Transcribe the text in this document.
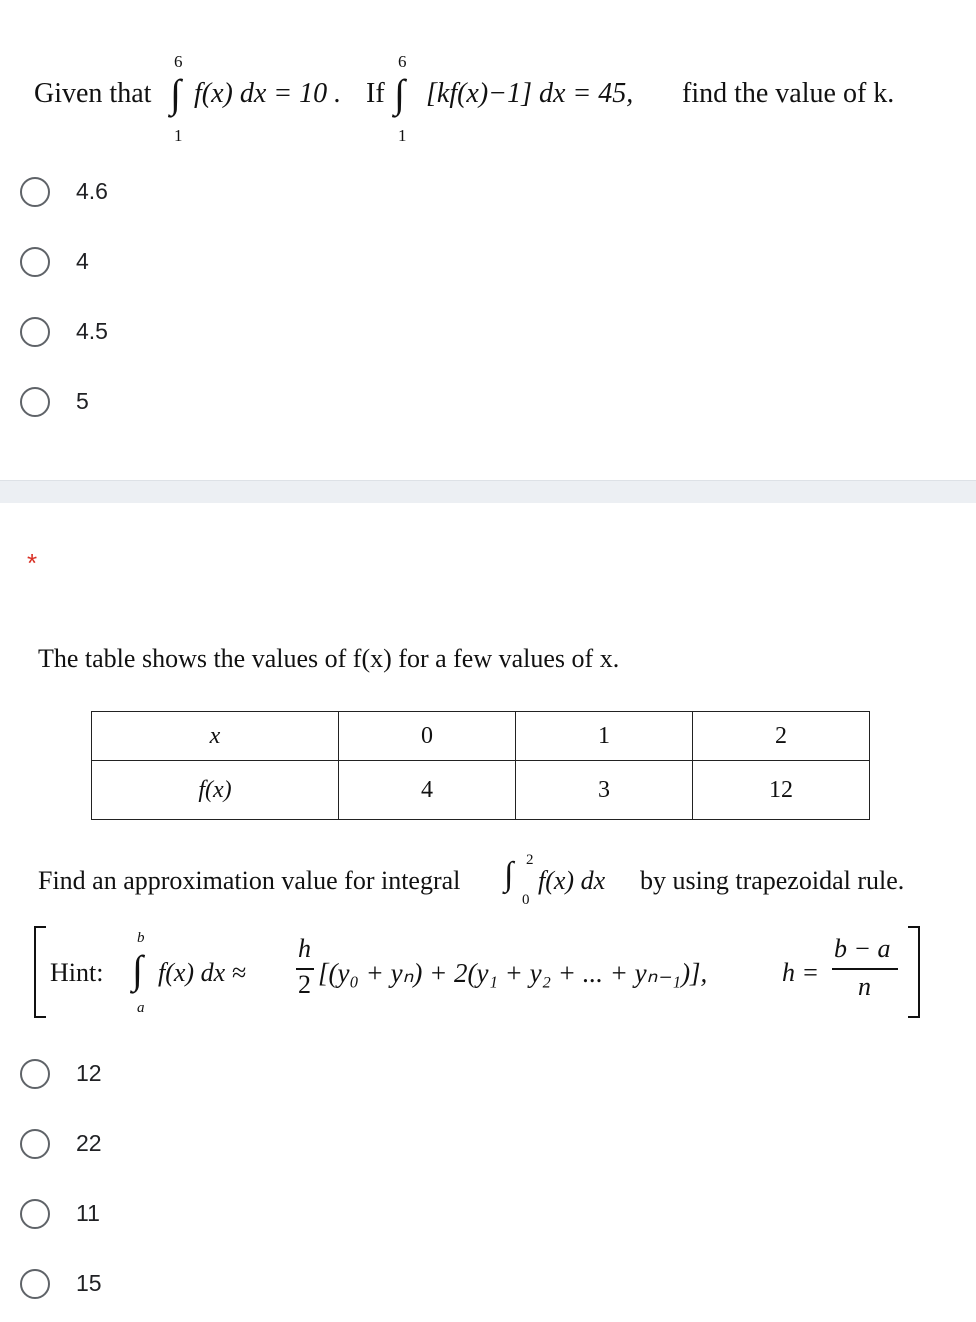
Given that
6
∫
1
f(x) dx = 10 . If
6
∫
1
[kf(x)−1] dx = 45, find the value of k.
4.6
4
4.5
5
*
The table shows the values of f(x) for a few values of x.
x	0	1	2
f(x)	4	3	12
Find an approximation value for integral ∫ 2
0
f(x) dx by using trapezoidal rule.
Hint:
b
∫
a
f(x) dx ≈
h
2 [(y₀ + yₙ) + 2(y₁ + y₂ + ... + yₙ₋₁)],	h =
b − a
n
12
22
11
15
